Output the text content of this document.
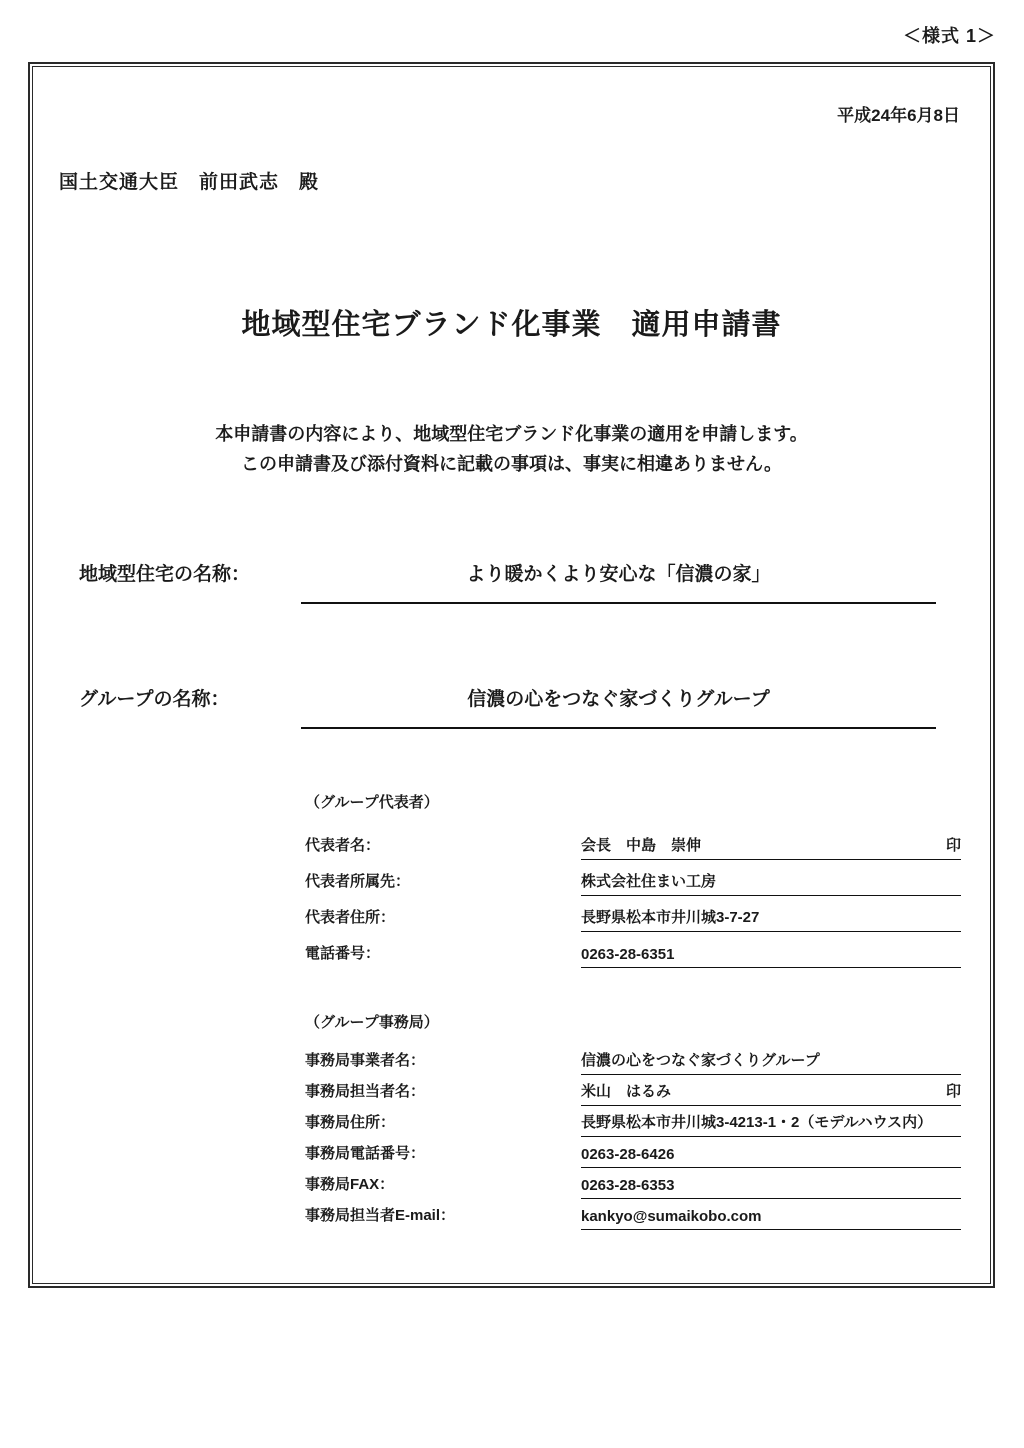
＜様式 1＞
平成24年6月8日
国土交通大臣　前田武志　殿
地域型住宅ブランド化事業　適用申請書
本申請書の内容により、地域型住宅ブランド化事業の適用を申請します。
この申請書及び添付資料に記載の事項は、事実に相違ありません。
地域型住宅の名称：	より暖かくより安心な「信濃の家」
グループの名称：	信濃の心をつなぐ家づくりグループ
（グループ代表者）
代表者名：	会長　中島　崇伸	印
代表者所属先：	株式会社住まい工房
代表者住所：	長野県松本市井川城3-7-27
電話番号：	0263-28-6351
（グループ事務局）
事務局事業者名：	信濃の心をつなぐ家づくりグループ
事務局担当者名：	米山　はるみ	印
事務局住所：	長野県松本市井川城3-4213-1・2（モデルハウス内）
事務局電話番号：	0263-28-6426
事務局FAX：	0263-28-6353
事務局担当者E-mail：	kankyo@sumaikobo.com
